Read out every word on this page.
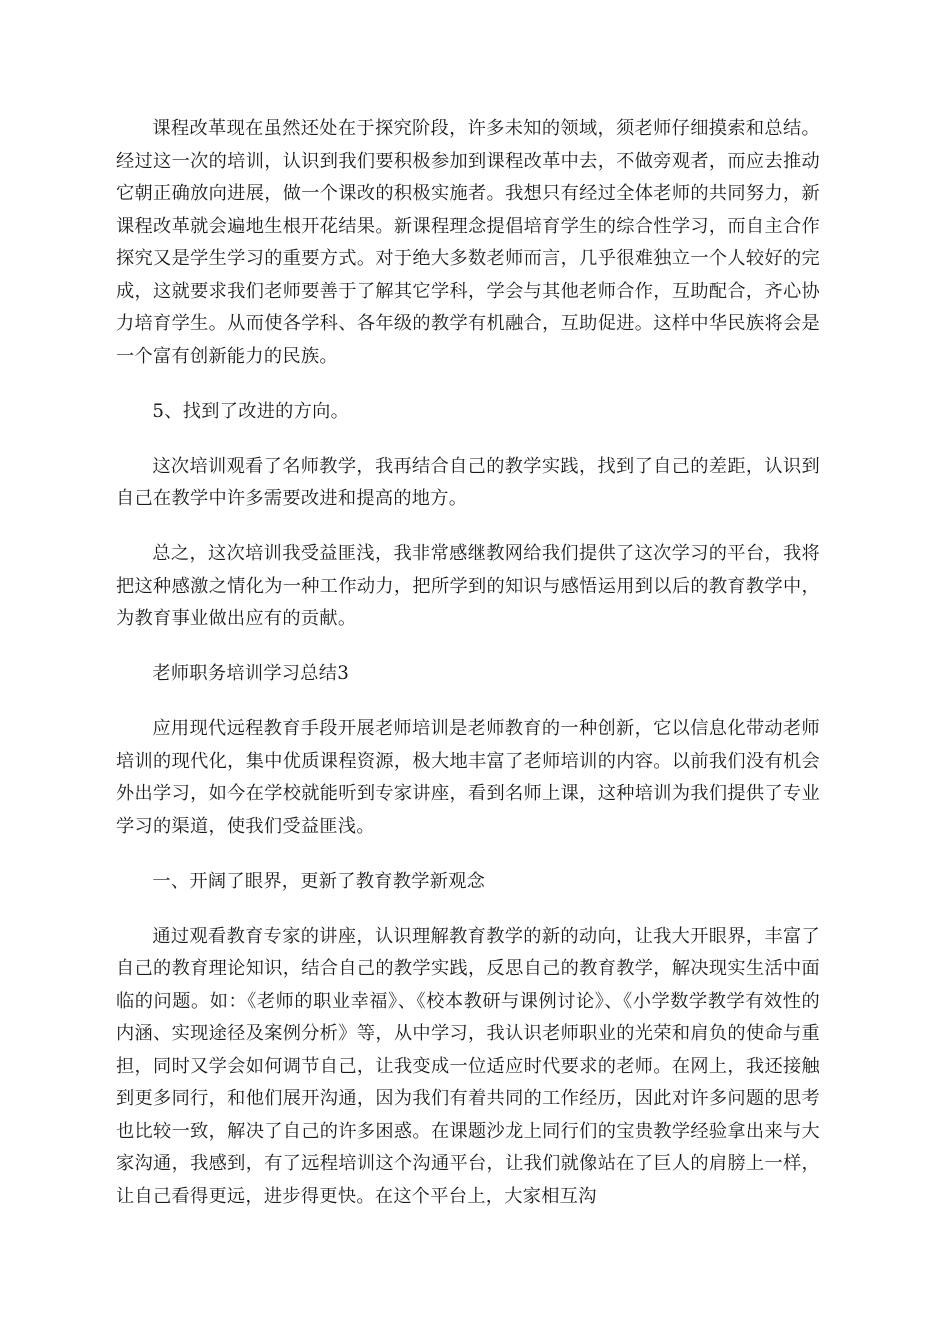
课程改革现在虽然还处在于探究阶段，许多未知的领域，须老师仔细摸索和总结。经过这一次的培训，认识到我们要积极参加到课程改革中去，不做旁观者，而应去推动它朝正确放向进展，做一个课改的积极实施者。我想只有经过全体老师的共同努力，新课程改革就会遍地生根开花结果。新课程理念提倡培育学生的综合性学习，而自主合作探究又是学生学习的重要方式。对于绝大多数老师而言，几乎很难独立一个人较好的完成，这就要求我们老师要善于了解其它学科，学会与其他老师合作，互助配合，齐心协力培育学生。从而使各学科、各年级的教学有机融合，互助促进。这样中华民族将会是一个富有创新能力的民族。

5、找到了改进的方向。

这次培训观看了名师教学，我再结合自己的教学实践，找到了自己的差距，认识到自己在教学中许多需要改进和提高的地方。

总之，这次培训我受益匪浅，我非常感继教网给我们提供了这次学习的平台，我将把这种感激之情化为一种工作动力，把所学到的知识与感悟运用到以后的教育教学中，为教育事业做出应有的贡献。

老师职务培训学习总结3

应用现代远程教育手段开展老师培训是老师教育的一种创新，它以信息化带动老师培训的现代化，集中优质课程资源，极大地丰富了老师培训的内容。以前我们没有机会外出学习，如今在学校就能听到专家讲座，看到名师上课，这种培训为我们提供了专业学习的渠道，使我们受益匪浅。

一、开阔了眼界，更新了教育教学新观念

通过观看教育专家的讲座，认识理解教育教学的新的动向，让我大开眼界，丰富了自己的教育理论知识，结合自己的教学实践，反思自己的教育教学，解决现实生活中面临的问题。如：《老师的职业幸福》、《校本教研与课例讨论》、《小学数学教学有效性的内涵、实现途径及案例分析》等，从中学习，我认识老师职业的光荣和肩负的使命与重担，同时又学会如何调节自己，让我变成一位适应时代要求的老师。在网上，我还接触到更多同行，和他们展开沟通，因为我们有着共同的工作经历，因此对许多问题的思考也比较一致，解决了自己的许多困惑。在课题沙龙上同行们的宝贵教学经验拿出来与大家沟通，我感到，有了远程培训这个沟通平台，让我们就像站在了巨人的肩膀上一样，让自己看得更远，进步得更快。在这个平台上，大家相互沟
